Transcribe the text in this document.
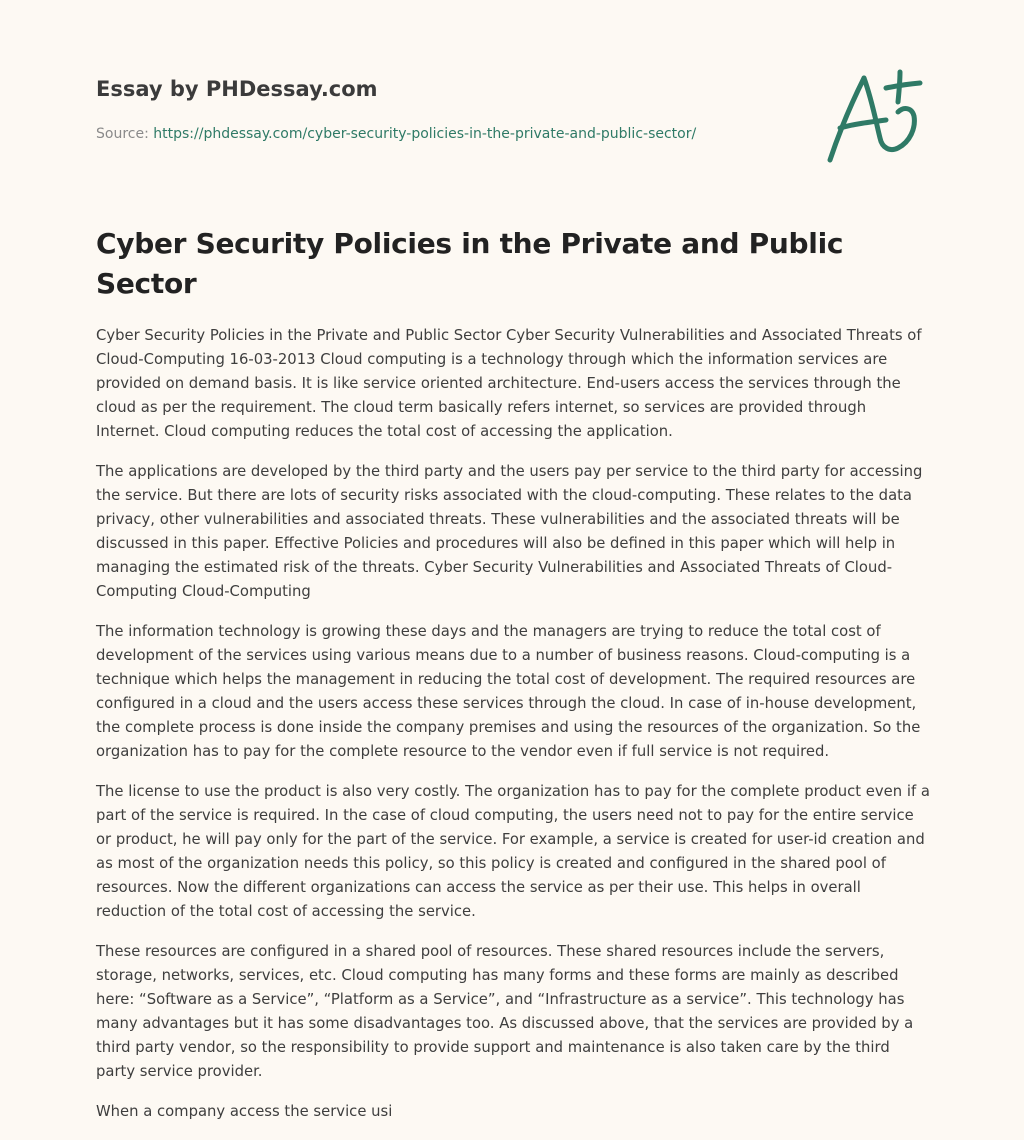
Essay by PHDessay.com

Source: https://phdessay.com/cyber-security-policies-in-the-private-and-public-sector/
Cyber Security Policies in the Private and Public Sector

Cyber Security Policies in the Private and Public Sector Cyber Security Vulnerabilities and Associated Threats of Cloud-Computing 16-03-2013 Cloud computing is a technology through which the information services are provided on demand basis. It is like service oriented architecture. End-users access the services through the cloud as per the requirement. The cloud term basically refers internet, so services are provided through Internet. Cloud computing reduces the total cost of accessing the application.

The applications are developed by the third party and the users pay per service to the third party for accessing the service. But there are lots of security risks associated with the cloud-computing. These relates to the data privacy, other vulnerabilities and associated threats. These vulnerabilities and the associated threats will be discussed in this paper. Effective Policies and procedures will also be defined in this paper which will help in managing the estimated risk of the threats. Cyber Security Vulnerabilities and Associated Threats of Cloud-Computing Cloud-Computing

The information technology is growing these days and the managers are trying to reduce the total cost of development of the services using various means due to a number of business reasons. Cloud-computing is a technique which helps the management in reducing the total cost of development. The required resources are configured in a cloud and the users access these services through the cloud. In case of in-house development, the complete process is done inside the company premises and using the resources of the organization. So the organization has to pay for the complete resource to the vendor even if full service is not required.

The license to use the product is also very costly. The organization has to pay for the complete product even if a part of the service is required. In the case of cloud computing, the users need not to pay for the entire service or product, he will pay only for the part of the service. For example, a service is created for user-id creation and as most of the organization needs this policy, so this policy is created and configured in the shared pool of resources. Now the different organizations can access the service as per their use. This helps in overall reduction of the total cost of accessing the service.

These resources are configured in a shared pool of resources. These shared resources include the servers, storage, networks, services, etc. Cloud computing has many forms and these forms are mainly as described here: “Software as a Service”, “Platform as a Service”, and “Infrastructure as a service”. This technology has many advantages but it has some disadvantages too. As discussed above, that the services are provided by a third party vendor, so the responsibility to provide support and maintenance is also taken care by the third party service provider.

When a company access the service usi
